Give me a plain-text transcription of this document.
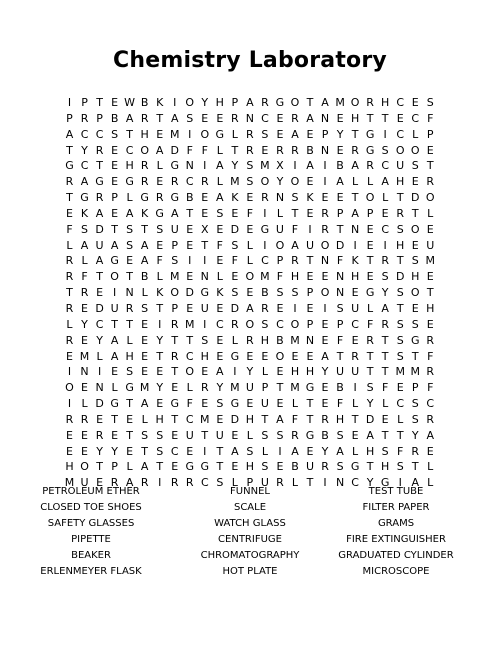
Chemistry Laboratory
I P T E W B K I O Y H P A R G O T A M O R H C E S
P R P B A R T A S E E R N C E R A N E H T T E C F
A C C S T H E M I O G L R S E A E P Y T G I C L P
T Y R E C O A D F F L T R E R R B N E R G S O O E
G C T E H R L G N I A Y S M X I A I B A R C U S T
R A G E G R E R C R L M S O Y O E I A L L A H E R
T G R P L G R G B E A K E R N S K E E T O L T D O
E K A E A K G A T E S E F I L T E R P A P E R T L
F S D T S T S U E X E D E G U F I R T N E C S O E
L A U A S A E P E T F S L I O A U O D I E I H E U
R L A G E A F S I	I E F L C P R T N F K T R T S M
R F T O T B L M E N L E O M F H E E N H E S D H E
T R E I N L K O D G K S E B S S P O N E G Y S O T
R E D U R S T P E U E D A R E I E I S U L A T E H
L Y C T T E I R M I C R O S C O P E P C F R S S E
R E Y A L E Y T T S E L R H B M N E F E R T S G R
E M L A H E T R C H E G E E O E E A T R T T S T F
I N I E S E E T O E A I Y L E H H Y U U T T M M R
O E N L G M Y E L R Y M U P T M G E B I S F E P F
I L D G T A E G F E S G E U E L T E F L Y L C S C
R R E T E L H T C M E D H T A F T R H T D E L S R
E E R E T S S E U T U E L S S R G B S E A T T Y A
E E Y Y E T S C E I T A S L I A E Y A L H S F R E
H O T P L A T E G G T E H S E B U R S G T H S T L
M U E R A R I R R C S L P U R L T I N C Y G I A L
PETROLEUM ETHER
CLOSED TOE SHOES
SAFETY GLASSES
PIPETTE
BEAKER
ERLENMEYER FLASK
FUNNEL
SCALE
WATCH GLASS
CENTRIFUGE
CHROMATOGRAPHY
HOT PLATE
TEST TUBE
FILTER PAPER
GRAMS
FIRE EXTINGUISHER
GRADUATED CYLINDER
MICROSCOPE
